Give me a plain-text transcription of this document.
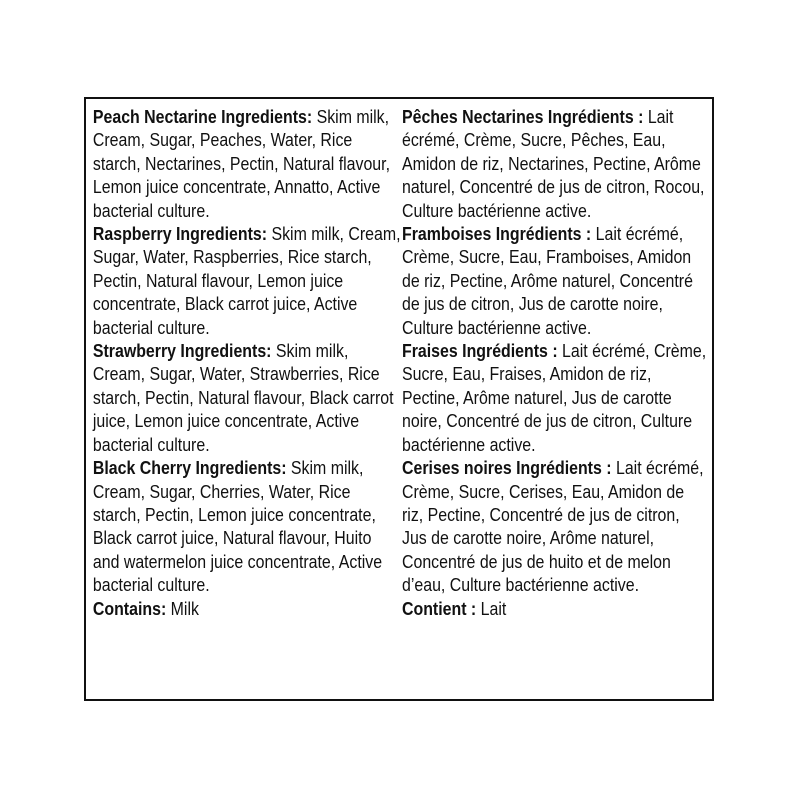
Peach Nectarine Ingredients: Skim milk, Cream, Sugar, Peaches, Water, Rice starch, Nectarines, Pectin, Natural flavour, Lemon juice concentrate, Annatto, Active bacterial culture.

Raspberry Ingredients: Skim milk, Cream, Sugar, Water, Raspberries, Rice starch, Pectin, Natural flavour, Lemon juice concentrate, Black carrot juice, Active bacterial culture.

Strawberry Ingredients: Skim milk, Cream, Sugar, Water, Strawberries, Rice starch, Pectin, Natural flavour, Black carrot juice, Lemon juice concentrate, Active bacterial culture.

Black Cherry Ingredients: Skim milk, Cream, Sugar, Cherries, Water, Rice starch, Pectin, Lemon juice concentrate, Black carrot juice, Natural flavour, Huito and watermelon juice concentrate, Active bacterial culture.

Contains: Milk

Pêches Nectarines Ingrédients : Lait écrémé, Crème, Sucre, Pêches, Eau, Amidon de riz, Nectarines, Pectine, Arôme naturel, Concentré de jus de citron, Rocou, Culture bactérienne active.

Framboises Ingrédients : Lait écrémé, Crème, Sucre, Eau, Framboises, Amidon de riz, Pectine, Arôme naturel, Concentré de jus de citron, Jus de carotte noire, Culture bactérienne active.

Fraises Ingrédients : Lait écrémé, Crème, Sucre, Eau, Fraises, Amidon de riz, Pectine, Arôme naturel, Jus de carotte noire, Concentré de jus de citron, Culture bactérienne active.

Cerises noires Ingrédients : Lait écrémé, Crème, Sucre, Cerises, Eau, Amidon de riz, Pectine, Concentré de jus de citron, Jus de carotte noire, Arôme naturel, Concentré de jus de huito et de melon d’eau, Culture bactérienne active.

Contient : Lait
